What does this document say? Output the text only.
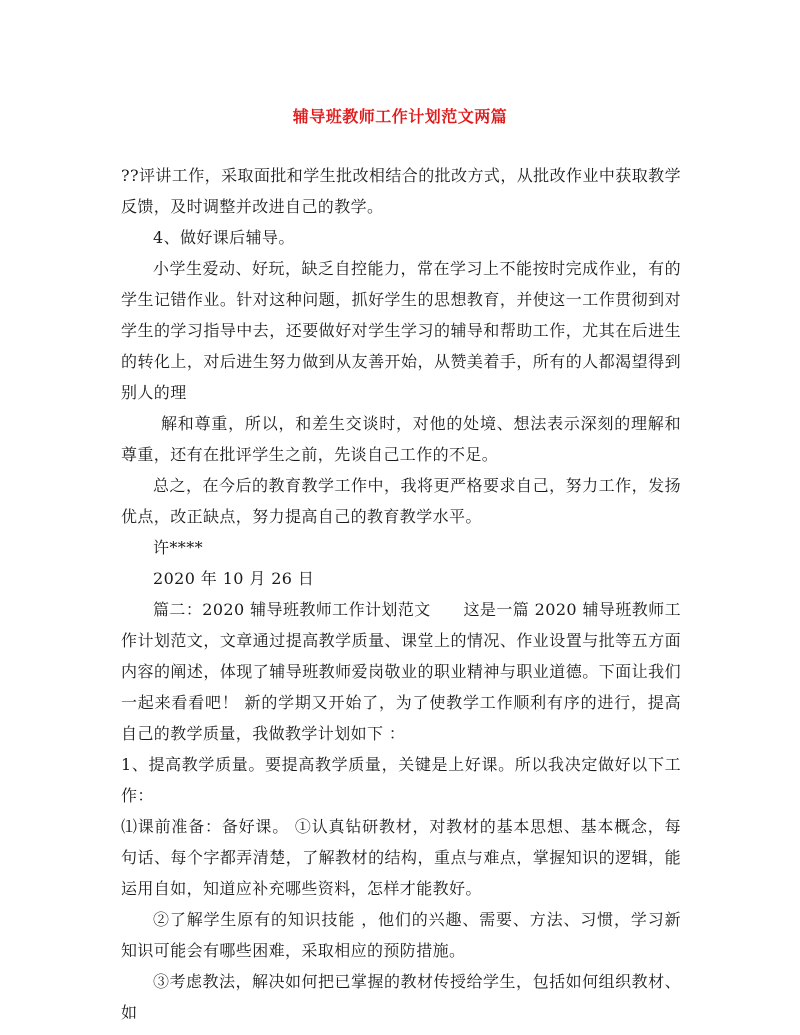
辅导班教师工作计划范文两篇

??评讲工作，采取面批和学生批改相结合的批改方式，从批改作业中获取教学反馈，及时调整并改进自己的教学。

4、做好课后辅导。

小学生爱动、好玩，缺乏自控能力，常在学习上不能按时完成作业，有的学生记错作业。针对这种问题，抓好学生的思想教育，并使这一工作贯彻到对学生的学习指导中去，还要做好对学生学习的辅导和帮助工作，尤其在后进生的转化上，对后进生努力做到从友善开始，从赞美着手，所有的人都渴望得到别人的理

解和尊重，所以，和差生交谈时，对他的处境、想法表示深刻的理解和尊重，还有在批评学生之前，先谈自己工作的不足。

总之，在今后的教育教学工作中，我将更严格要求自己，努力工作，发扬优点，改正缺点，努力提高自己的教育教学水平。

许****

2020 年 10 月 26 日

篇二：2020 辅导班教师工作计划范文　　这是一篇 2020 辅导班教师工作计划范文，文章通过提高教学质量、课堂上的情况、作业设置与批等五方面内容的阐述，体现了辅导班教师爱岗敬业的职业精神与职业道德。下面让我们一起来看看吧！ 新的学期又开始了，为了使教学工作顺利有序的进行，提高自己的教学质量，我做教学计划如下 ：

1、提高教学质量。要提高教学质量，关键是上好课。所以我决定做好以下工作：

⑴课前准备：备好课。 ①认真钻研教材，对教材的基本思想、基本概念，每句话、每个字都弄清楚，了解教材的结构，重点与难点，掌握知识的逻辑，能运用自如，知道应补充哪些资料，怎样才能教好。

②了解学生原有的知识技能 ，他们的兴趣、需要、方法、习惯，学习新知识可能会有哪些困难，采取相应的预防措施。

③考虑教法，解决如何把已掌握的教材传授给学生，包括如何组织教材、如
